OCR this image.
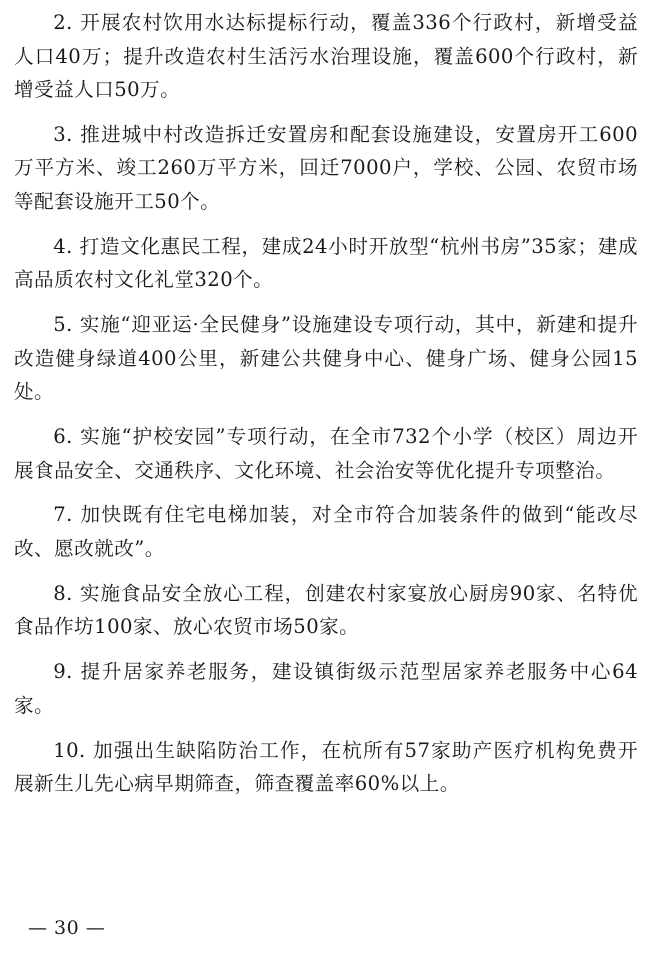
2. 开展农村饮用水达标提标行动，覆盖336个行政村，新增受益人口40万；提升改造农村生活污水治理设施，覆盖600个行政村，新增受益人口50万。

3. 推进城中村改造拆迁安置房和配套设施建设，安置房开工600万平方米、竣工260万平方米，回迁7000户，学校、公园、农贸市场等配套设施开工50个。

4. 打造文化惠民工程，建成24小时开放型“杭州书房”35家；建成高品质农村文化礼堂320个。

5. 实施“迎亚运·全民健身”设施建设专项行动，其中，新建和提升改造健身绿道400公里，新建公共健身中心、健身广场、健身公园15处。

6. 实施“护校安园”专项行动，在全市732个小学（校区）周边开展食品安全、交通秩序、文化环境、社会治安等优化提升专项整治。

7. 加快既有住宅电梯加装，对全市符合加装条件的做到“能改尽改、愿改就改”。

8. 实施食品安全放心工程，创建农村家宴放心厨房90家、名特优食品作坊100家、放心农贸市场50家。

9. 提升居家养老服务，建设镇街级示范型居家养老服务中心64家。

10. 加强出生缺陷防治工作，在杭所有57家助产医疗机构免费开展新生儿先心病早期筛查，筛查覆盖率60%以上。

— 30 —
